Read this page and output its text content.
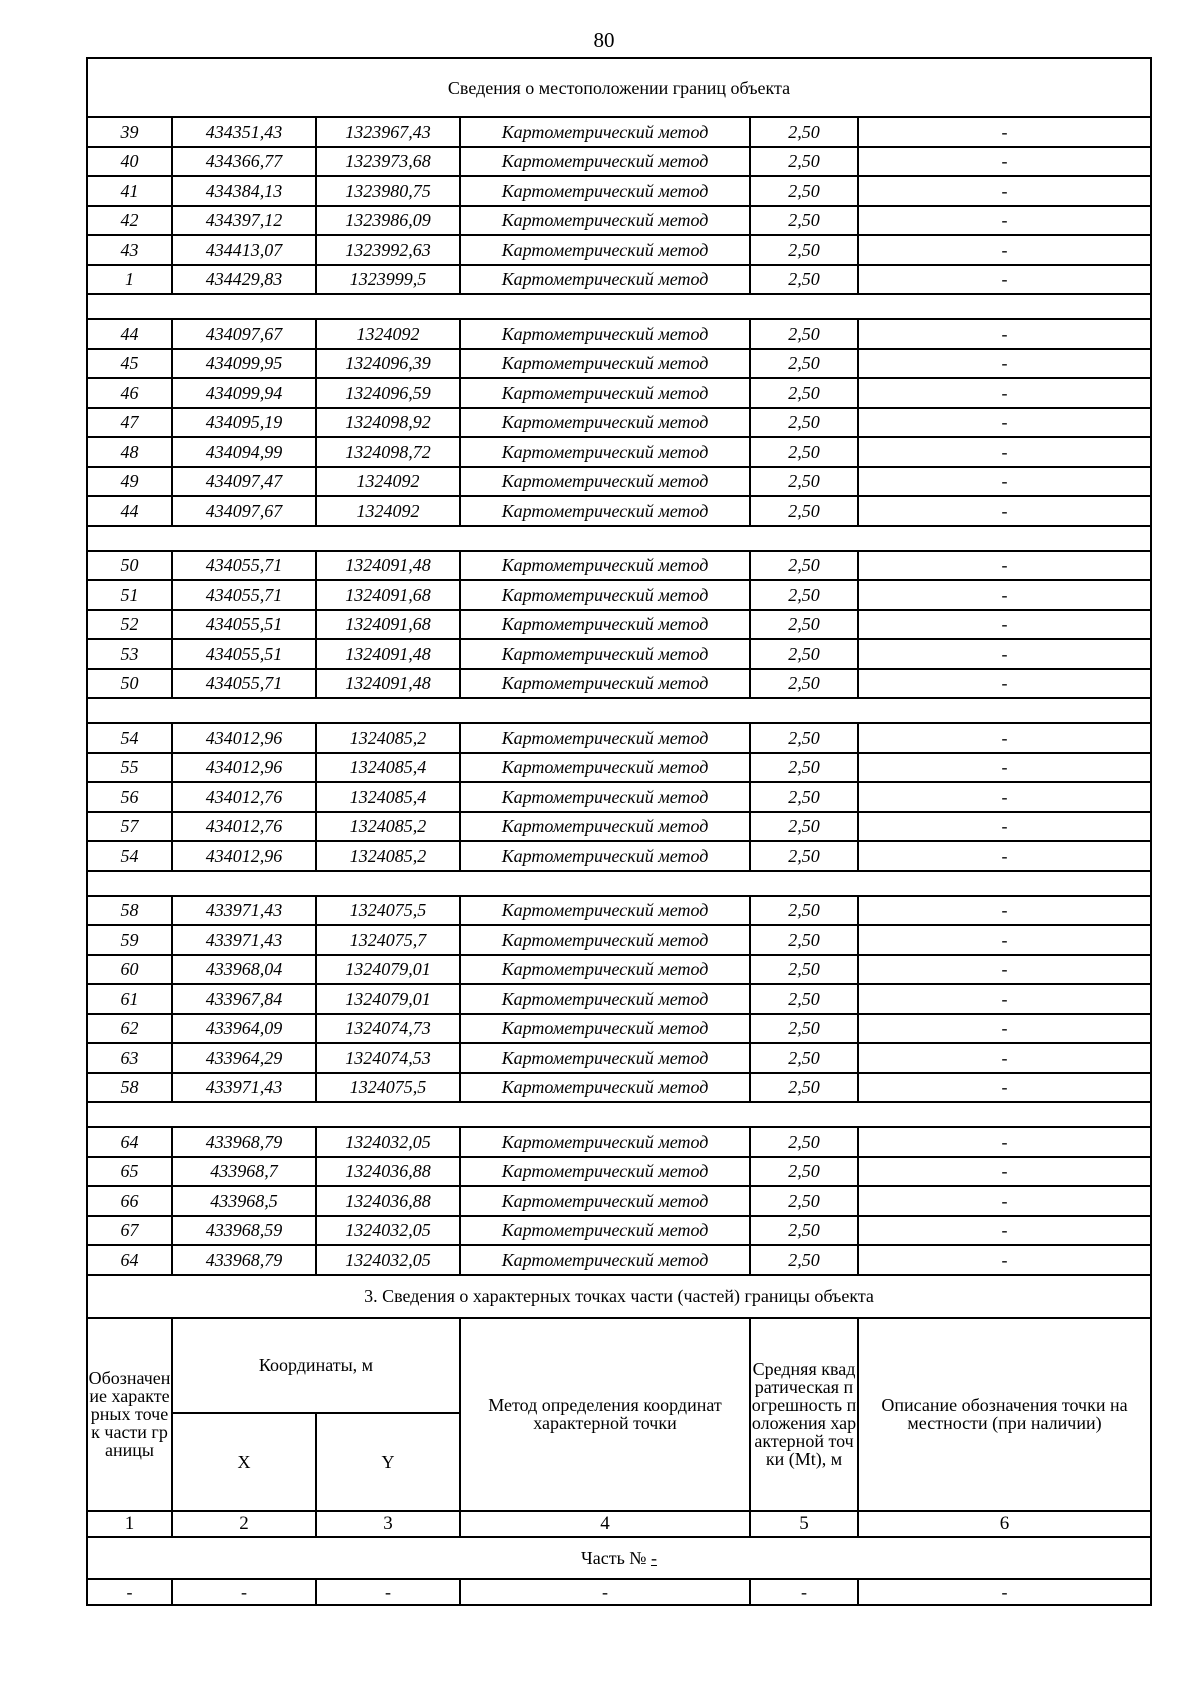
80
Сведения о местоположении границ объекта					
39	434351,43	1323967,43	Картометрический метод	2,50	-
40	434366,77	1323973,68	Картометрический метод	2,50	-
41	434384,13	1323980,75	Картометрический метод	2,50	-
42	434397,12	1323986,09	Картометрический метод	2,50	-
43	434413,07	1323992,63	Картометрический метод	2,50	-
1	434429,83	1323999,5	Картометрический метод	2,50	-

44	434097,67	1324092	Картометрический метод	2,50	-
45	434099,95	1324096,39	Картометрический метод	2,50	-
46	434099,94	1324096,59	Картометрический метод	2,50	-
47	434095,19	1324098,92	Картометрический метод	2,50	-
48	434094,99	1324098,72	Картометрический метод	2,50	-
49	434097,47	1324092	Картометрический метод	2,50	-
44	434097,67	1324092	Картометрический метод	2,50	-

50	434055,71	1324091,48	Картометрический метод	2,50	-
51	434055,71	1324091,68	Картометрический метод	2,50	-
52	434055,51	1324091,68	Картометрический метод	2,50	-
53	434055,51	1324091,48	Картометрический метод	2,50	-
50	434055,71	1324091,48	Картометрический метод	2,50	-

54	434012,96	1324085,2	Картометрический метод	2,50	-
55	434012,96	1324085,4	Картометрический метод	2,50	-
56	434012,76	1324085,4	Картометрический метод	2,50	-
57	434012,76	1324085,2	Картометрический метод	2,50	-
54	434012,96	1324085,2	Картометрический метод	2,50	-

58	433971,43	1324075,5	Картометрический метод	2,50	-
59	433971,43	1324075,7	Картометрический метод	2,50	-
60	433968,04	1324079,01	Картометрический метод	2,50	-
61	433967,84	1324079,01	Картометрический метод	2,50	-
62	433964,09	1324074,73	Картометрический метод	2,50	-
63	433964,29	1324074,53	Картометрический метод	2,50	-
58	433971,43	1324075,5	Картометрический метод	2,50	-

64	433968,79	1324032,05	Картометрический метод	2,50	-
65	433968,7	1324036,88	Картометрический метод	2,50	-
66	433968,5	1324036,88	Картометрический метод	2,50	-
67	433968,59	1324032,05	Картометрический метод	2,50	-
64	433968,79	1324032,05	Картометрический метод	2,50	-
3. Сведения о характерных точках части (частей) границы объекта					
Обозначение характерных точек части границы	Координаты, м		Метод определения координат характерной точки	Средняя квадратическая погрешность положения характерной точки (Mt), м	Описание обозначения точки на местности (при наличии)
	X	Y			
1	2	3	4	5	6
Часть № -					
-	-	-	-	-	-
